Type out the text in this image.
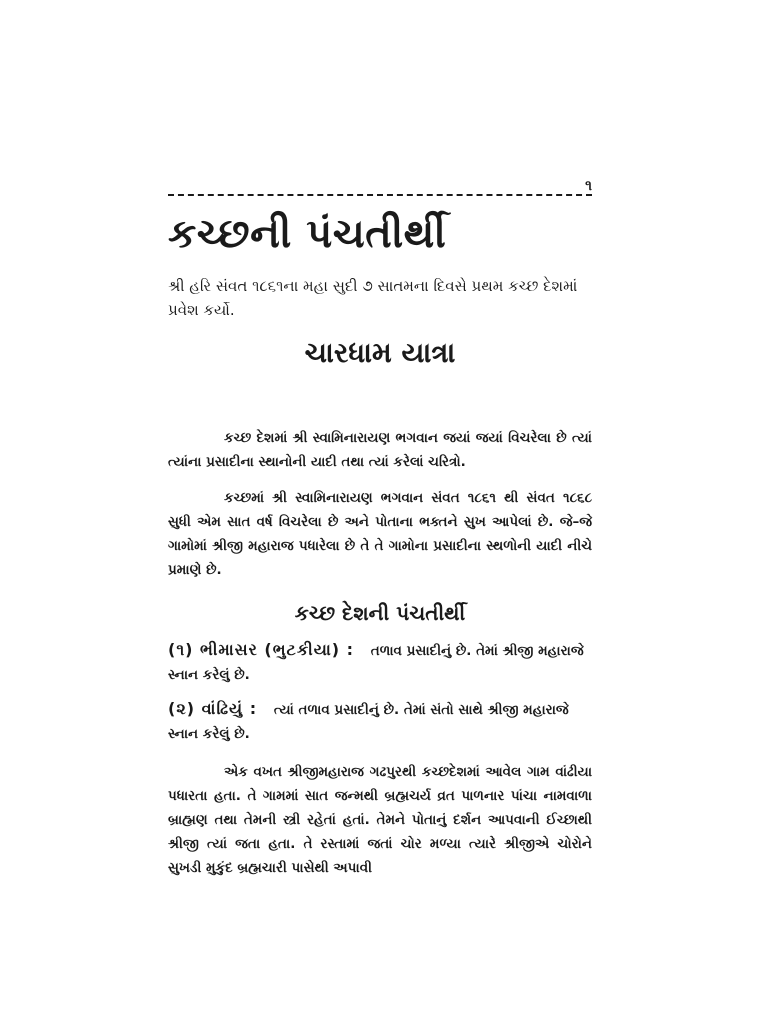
૧
કચ્છની પંચતીર્થી

શ્રી હરિ સંવત ૧૮૬૧ના મહા સુદી ૭ સાતમના દિવસે પ્રથમ કચ્છ દેશમાં પ્રવેશ કર્યો.

ચારધામ યાત્રા

કચ્છ દેશમાં શ્રી સ્વામિનારાયણ ભગવાન જયાં જયાં વિચરેલા છે ત્યાં ત્યાંના પ્રસાદીના સ્થાનોની યાદી તથા ત્યાં કરેલાં ચરિત્રો.

કચ્છમાં શ્રી સ્વામિનારાયણ ભગવાન સંવત ૧૮૬૧ થી સંવત ૧૮૬૮ સુધી એમ સાત વર્ષ વિચરેલા છે અને પોતાના ભક્તને સુખ આપેલાં છે. જે–જે ગામોમાં શ્રીજી મહારાજ પધારેલા છે તે તે ગામોના પ્રસાદીના સ્થળોની યાદી નીચે પ્રમાણે છે.

કચ્છ દેશની પંચતીર્થી

(૧) ભીમાસર (ભુટકીયા) : તળાવ પ્રસાદીનું છે. તેમાં શ્રીજી મહારાજે સ્નાન કરેલું છે.

(૨) વાંઢિયું : ત્યાં તળાવ પ્રસાદીનું છે. તેમાં સંતો સાથે શ્રીજી મહારાજે સ્નાન કરેલું છે.

એક વખત શ્રીજીમહારાજ ગઢપુરથી કચ્છદેશમાં આવેલ ગામ વાંઢીયા પધારતા હતા. તે ગામમાં સાત જન્મથી બ્રહ્મચર્ય વ્રત પાળનાર પાંચા નામવાળા બ્રાહ્મણ તથા તેમની સ્ત્રી રહેતાં હતાં. તેમને પોતાનું દર્શન આપવાની ઈચ્છાથી શ્રીજી ત્યાં જતા હતા. તે રસ્તામાં જતાં ચોર મળ્યા ત્યારે શ્રીજીએ ચોરોને સુખડી મુકુંદ બ્રહ્મચારી પાસેથી અપાવી
